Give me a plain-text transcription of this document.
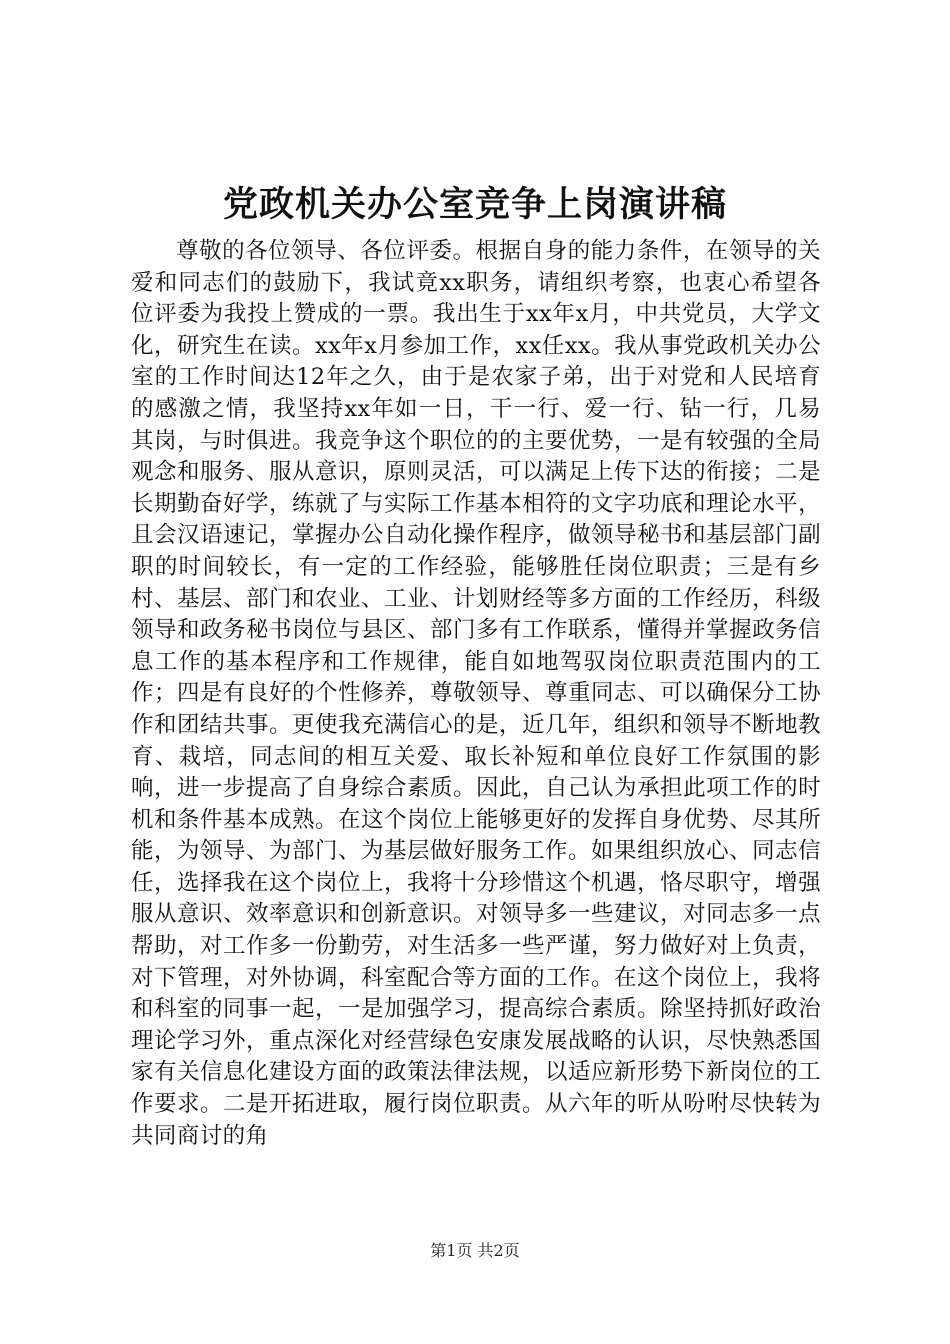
党政机关办公室竞争上岗演讲稿

尊敬的各位领导、各位评委。根据自身的能力条件，在领导的关爱和同志们的鼓励下，我试竟xx职务，请组织考察，也衷心希望各位评委为我投上赞成的一票。我出生于xx年x月，中共党员，大学文化，研究生在读。xx年x月参加工作，xx任xx。我从事党政机关办公室的工作时间达12年之久，由于是农家子弟，出于对党和人民培育的感激之情，我坚持xx年如一日，干一行、爱一行、钻一行，几易其岗，与时俱进。我竞争这个职位的的主要优势，一是有较强的全局观念和服务、服从意识，原则灵活，可以满足上传下达的衔接；二是长期勤奋好学，练就了与实际工作基本相符的文字功底和理论水平，且会汉语速记，掌握办公自动化操作程序，做领导秘书和基层部门副职的时间较长，有一定的工作经验，能够胜任岗位职责；三是有乡村、基层、部门和农业、工业、计划财经等多方面的工作经历，科级领导和政务秘书岗位与县区、部门多有工作联系，懂得并掌握政务信息工作的基本程序和工作规律，能自如地驾驭岗位职责范围内的工作；四是有良好的个性修养，尊敬领导、尊重同志、可以确保分工协作和团结共事。更使我充满信心的是，近几年，组织和领导不断地教育、栽培，同志间的相互关爱、取长补短和单位良好工作氛围的影响，进一步提高了自身综合素质。因此，自己认为承担此项工作的时机和条件基本成熟。在这个岗位上能够更好的发挥自身优势、尽其所能，为领导、为部门、为基层做好服务工作。如果组织放心、同志信任，选择我在这个岗位上，我将十分珍惜这个机遇，恪尽职守，增强服从意识、效率意识和创新意识。对领导多一些建议，对同志多一点帮助，对工作多一份勤劳，对生活多一些严谨，努力做好对上负责，对下管理，对外协调，科室配合等方面的工作。在这个岗位上，我将和科室的同事一起，一是加强学习，提高综合素质。除坚持抓好政治理论学习外，重点深化对经营绿色安康发展战略的认识，尽快熟悉国家有关信息化建设方面的政策法律法规，以适应新形势下新岗位的工作要求。二是开拓进取，履行岗位职责。从六年的听从吩咐尽快转为共同商讨的角

第1页 共2页
